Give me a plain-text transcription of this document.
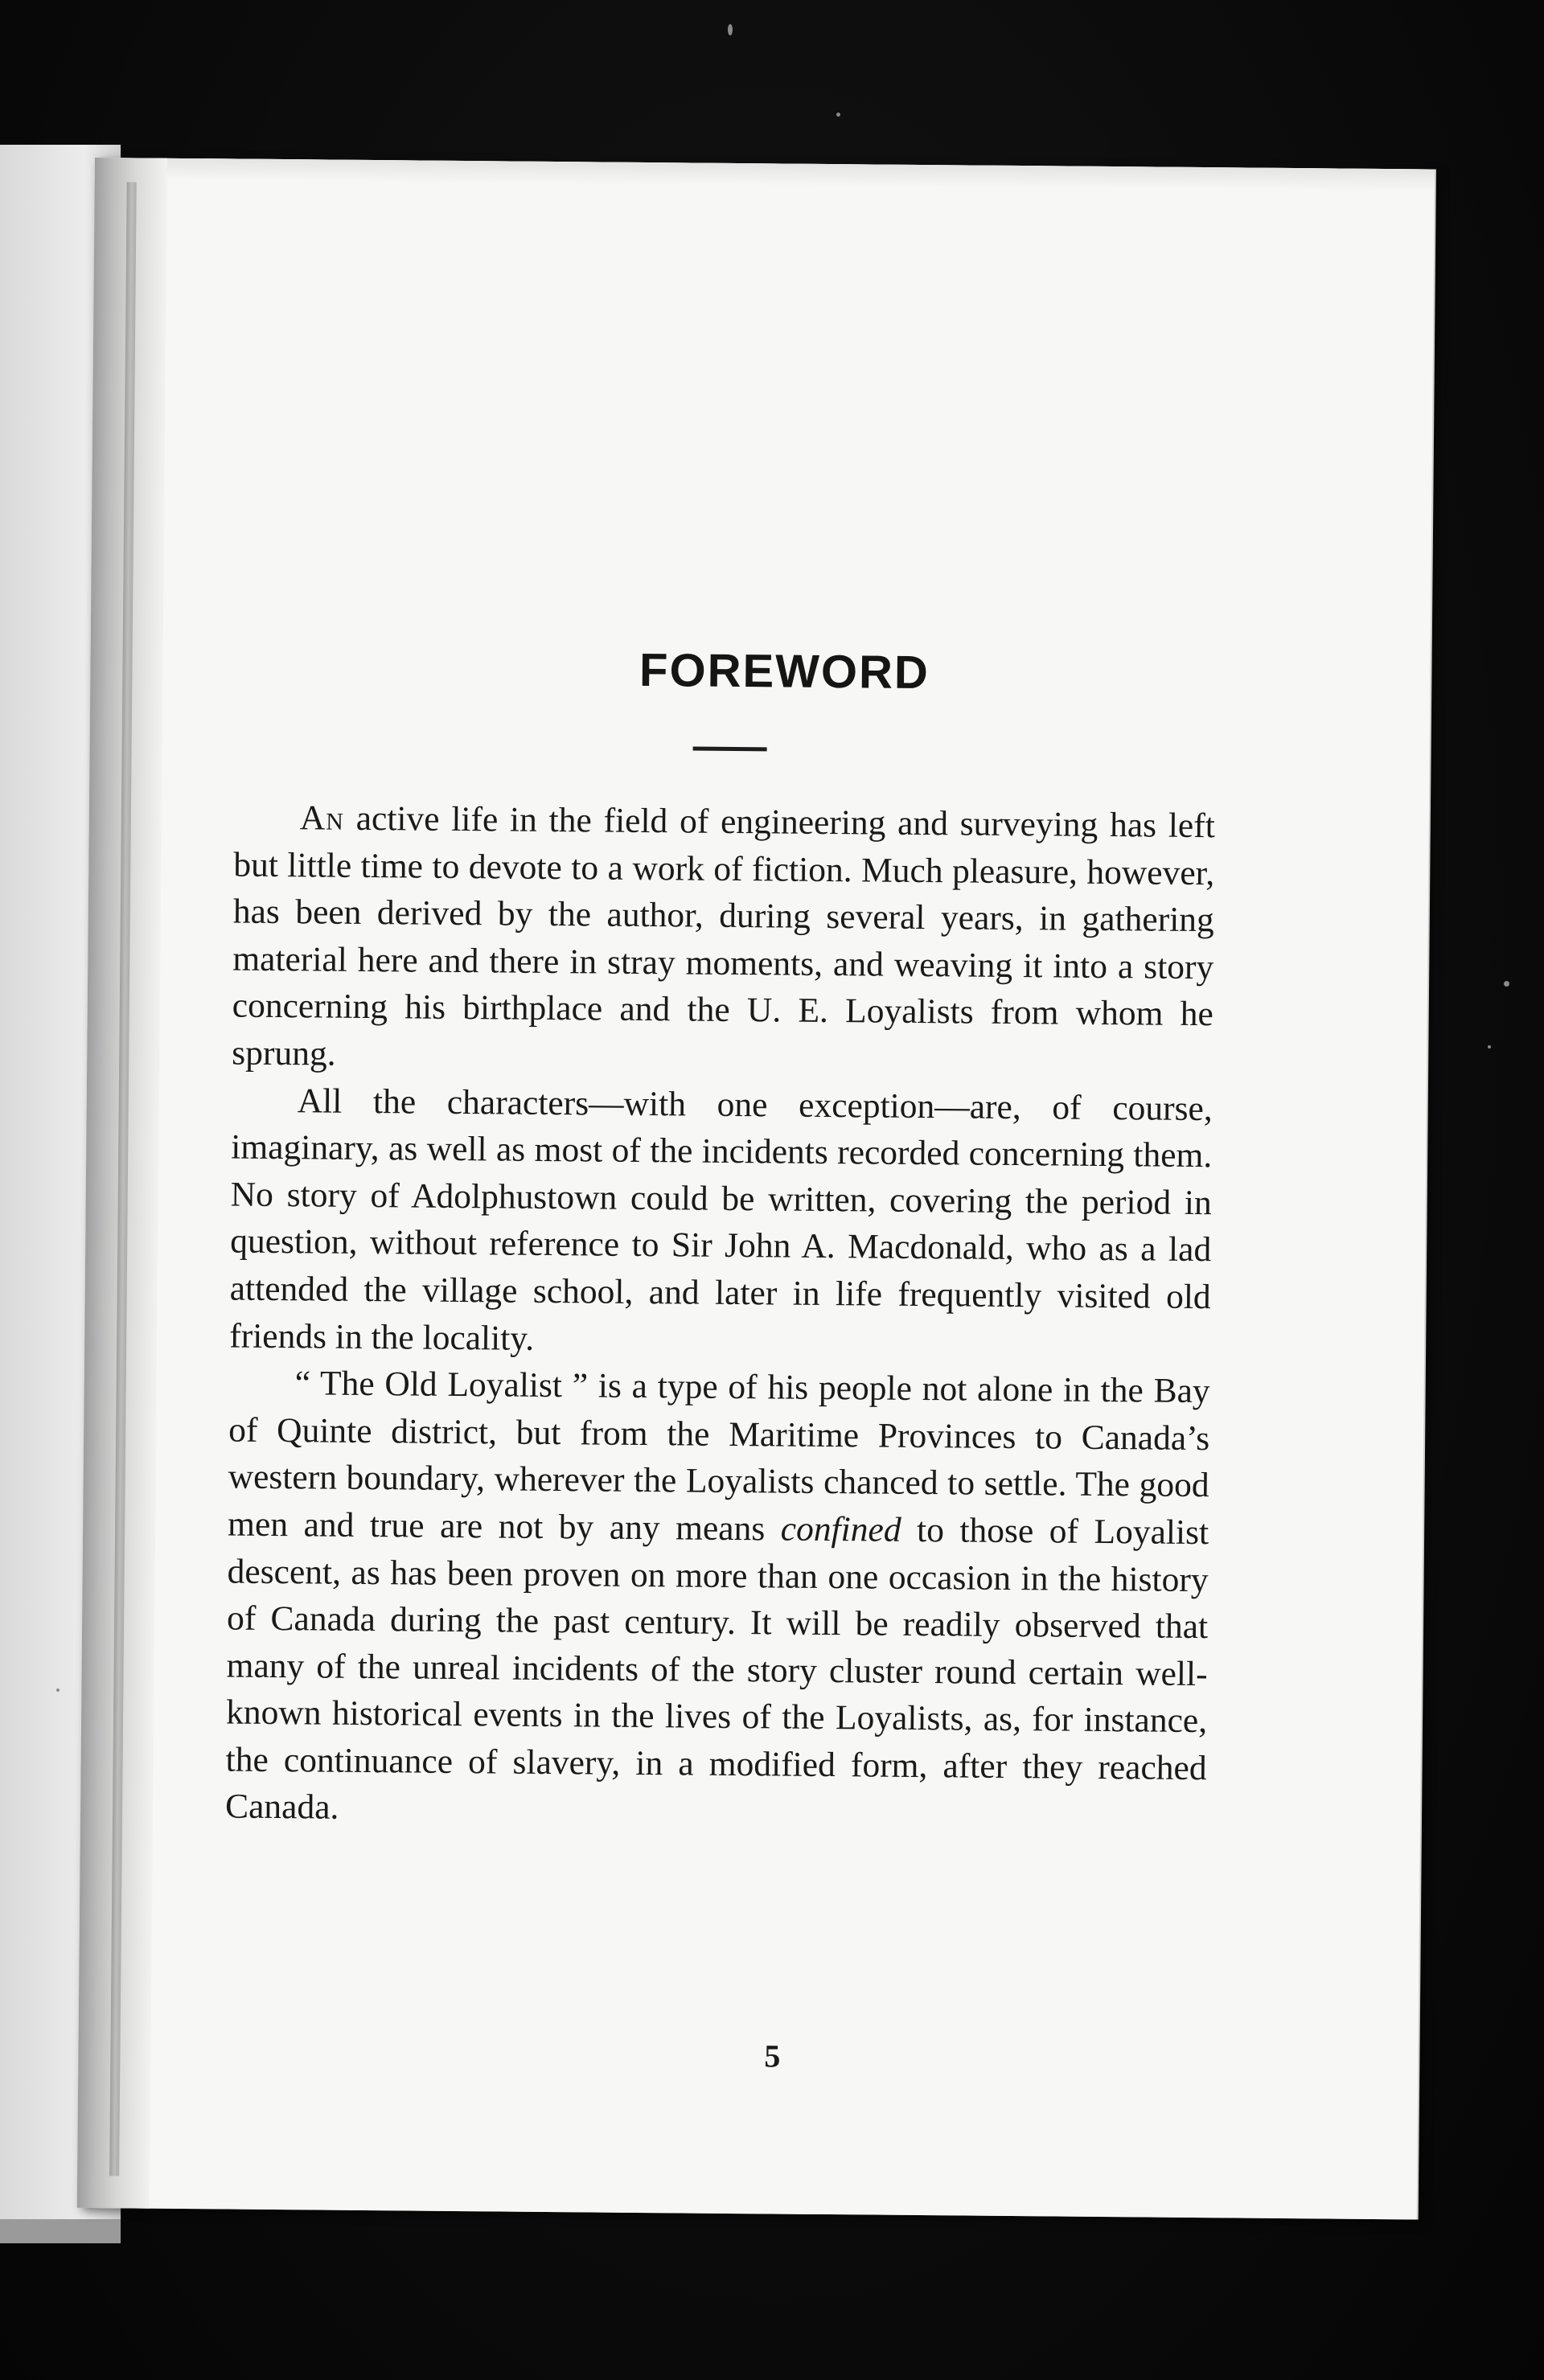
FOREWORD

An active life in the field of engineering and surveying has left but little time to devote to a work of fiction. Much pleasure, however, has been derived by the author, during several years, in gathering material here and there in stray moments, and weaving it into a story concerning his birthplace and the U. E. Loyalists from whom he sprung.

All the characters—with one exception—are, of course, imaginary, as well as most of the incidents recorded concerning them. No story of Adolphustown could be written, covering the period in question, without reference to Sir John A. Macdonald, who as a lad attended the village school, and later in life frequently visited old friends in the locality.

“ The Old Loyalist ” is a type of his people not alone in the Bay of Quinte district, but from the Maritime Provinces to Canada’s western boundary, wherever the Loyalists chanced to settle. The good men and true are not by any means confined to those of Loyalist descent, as has been proven on more than one occasion in the history of Canada during the past century. It will be readily observed that many of the unreal incidents of the story cluster round certain well-known historical events in the lives of the Loyalists, as, for instance, the continuance of slavery, in a modified form, after they reached Canada.

5
